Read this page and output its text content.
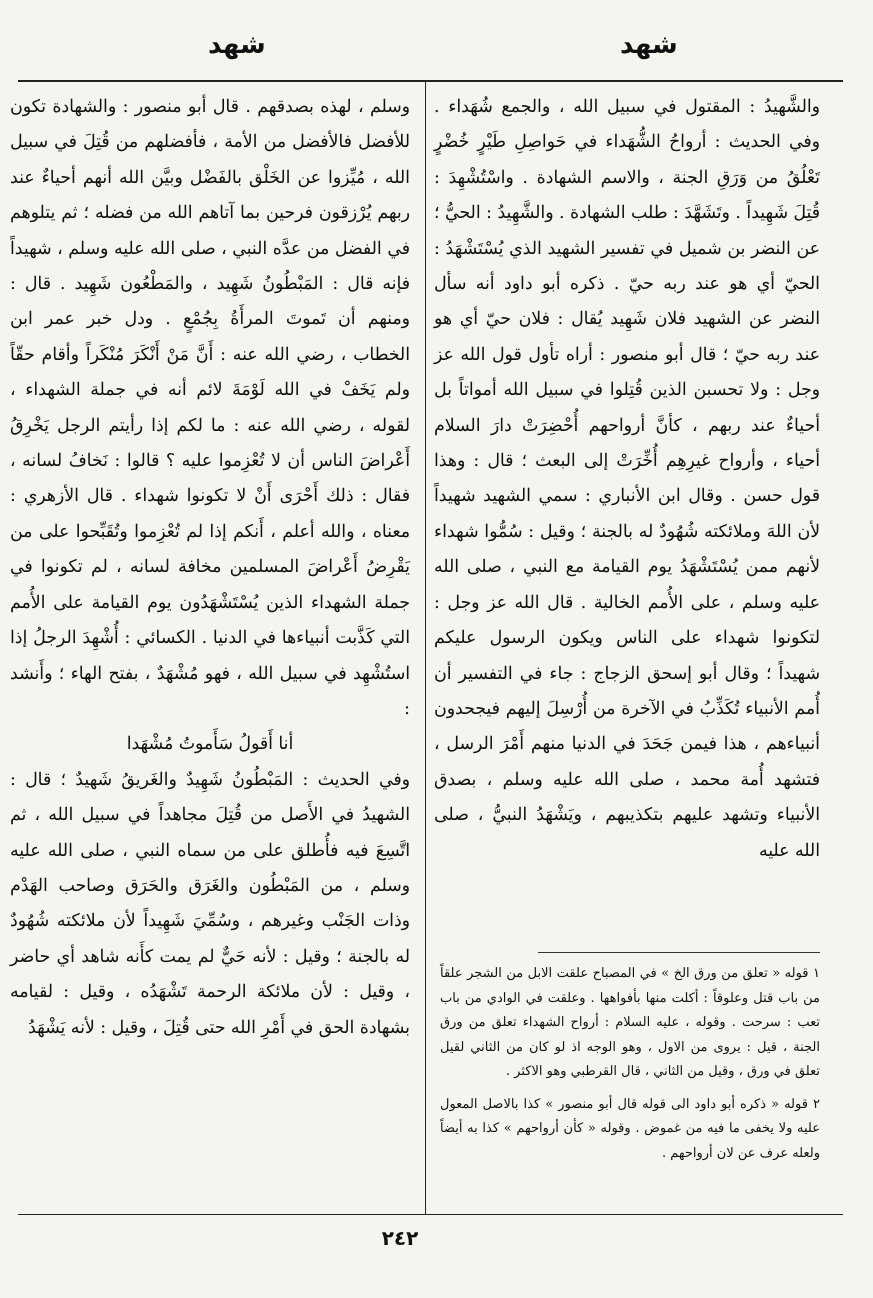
شهد	شهد

والشَّهيدُ : المقتول في سبيل الله ، والجمع شُهَداء . وفي الحديث : أرواحُ الشُّهَداء في حَواصِلِ طَيْرٍ خُضْرٍ تَعْلُقُ من وَرَقِ الجنة ، والاسم الشهادة . واسْتُشْهِدَ : قُتِلَ شَهِيداً . وتَشَهَّدَ : طلب الشهادة . والشَّهِيدُ : الحيُّ ؛ عن النضر بن شميل في تفسير الشهيد الذي يُسْتَشْهَدُ : الحيّ أي هو عند ربه حيّ . ذكره أبو داود أنه سأل النضر عن الشهيد فلان شَهِيد يُقال : فلان حيّ أي هو عند ربه حيّ ؛ قال أبو منصور : أراه تأول قول الله عز وجل : ولا تحسبن الذين قُتِلوا في سبيل الله أمواتاً بل أحياءٌ عند ربهم ، كأنَّ أرواحهم أُحْضِرَتْ دارَ السلام أحياء ، وأرواح غيرِهِم أُخِّرَتْ إلى البعث ؛ قال : وهذا قول حسن . وقال ابن الأنباري : سمي الشهيد شهيداً لأن اللهَ وملائكته شُهُودٌ له بالجنة ؛ وقيل : سُمُّوا شهداء لأنهم ممن يُسْتَشْهَدُ يوم القيامة مع النبي ، صلى الله عليه وسلم ، على الأُمم الخالية . قال الله عز وجل : لتكونوا شهداء على الناس ويكون الرسول عليكم شهيداً ؛ وقال أبو إسحق الزجاج : جاء في التفسير أن أُمم الأنبياء تُكَذِّبُ في الآخرة من أُرْسِلَ إليهم فيجحدون أنبياءهم ، هذا فيمن جَحَدَ في الدنيا منهم أَمْرَ الرسل ، فتشهد أُمة محمد ، صلى الله عليه وسلم ، بصدق الأنبياء وتشهد عليهم بتكذيبهم ، ويَشْهَدُ النبيُّ ، صلى الله عليه

وسلم ، لهذه بصدقهم . قال أبو منصور : والشهادة تكون للأفضل فالأفضل من الأمة ، فأفضلهم من قُتِلَ في سبيل الله ، مُيِّزوا عن الخَلْق بالفَضْل وبيَّن الله أنهم أحياءٌ عند ربهم يُرْزقون فرحين بما آتاهم الله من فضله ؛ ثم يتلوهم في الفضل من عدَّه النبي ، صلى الله عليه وسلم ، شهيداً فإنه قال : المَبْطُونُ شَهِيد ، والمَطْعُون شَهِيد . قال : ومنهم أن تَموتَ المرأَةُ بِجُمْعٍ . ودل خبر عمر ابن الخطاب ، رضي الله عنه : أَنَّ مَنْ أَنْكَرَ مُنْكَراً وأقام حقّاً ولم يَخَفْ في الله لَوْمَةَ لائم أنه في جملة الشهداء ، لقوله ، رضي الله عنه : ما لكم إذا رأيتم الرجل يَخْرِقُ أَعْراضَ الناس أن لا تُعْزِموا عليه ؟ قالوا : نَخافُ لسانه ، فقال : ذلك أَحْرَى أَنْ لا تكونوا شهداء . قال الأزهري : معناه ، والله أعلم ، أَنكم إذا لم تُعْزِموا وتُقَبِّحوا على من يَقْرِضُ أَعْراضَ المسلمين مخافة لسانه ، لم تكونوا في جملة الشهداء الذين يُسْتَشْهَدُون يوم القيامة على الأُمم التي كَذَّبت أنبياءها في الدنيا . الكسائي : أُشْهِدَ الرجلُ إذا استُشْهِد في سبيل الله ، فهو مُشْهَدٌ ، بفتح الهاء ؛ وأَنشد :

أنا أَقولُ سَأَموتُ مُشْهَدا

وفي الحديث : المَبْطُونُ شَهِيدٌ والغَريقُ شَهيدٌ ؛ قال : الشهيدُ في الأَصل من قُتِلَ مجاهداً في سبيل الله ، ثم اتَّسِعَ فيه فأُطلق على من سماه النبي ، صلى الله عليه وسلم ، من المَبْطُون والغَرَق والحَرَق وصاحب الهَدْم وذات الجَنْب وغيرهم ، وسُمِّيَ شَهِيداً لأن ملائكته شُهُودٌ له بالجنة ؛ وقيل : لأنه حَيٌّ لم يمت كأَنه شاهد أي حاضر ، وقيل : لأن ملائكة الرحمة تَشْهَدُه ، وقيل : لقيامه بشهادة الحق في أَمْرِ الله حتى قُتِلَ ، وقيل : لأنه يَشْهَدُ

١ قوله « تعلق من ورق الخ » في المصباح علقت الابل من الشجر علقاً من باب قتل وعلوقاً : أكلت منها بأفواهها . وعلقت في الوادي من باب تعب : سرحت . وقوله ، عليه السلام : أرواح الشهداء تعلق من ورق الجنة ، قيل : يروى من الاول ، وهو الوجه اذ لو كان من الثاني لقيل تعلق في ورق ، وقيل من الثاني ، قال القرطبي وهو الاكثر .

٢ قوله « ذكره أبو داود الى قوله قال أبو منصور » كذا بالاصل المعول عليه ولا يخفى ما فيه من غموض . وقوله « كأن أرواحهم » كذا به أيضاً ولعله عرف عن لان أرواحهم .

٢٤٢
